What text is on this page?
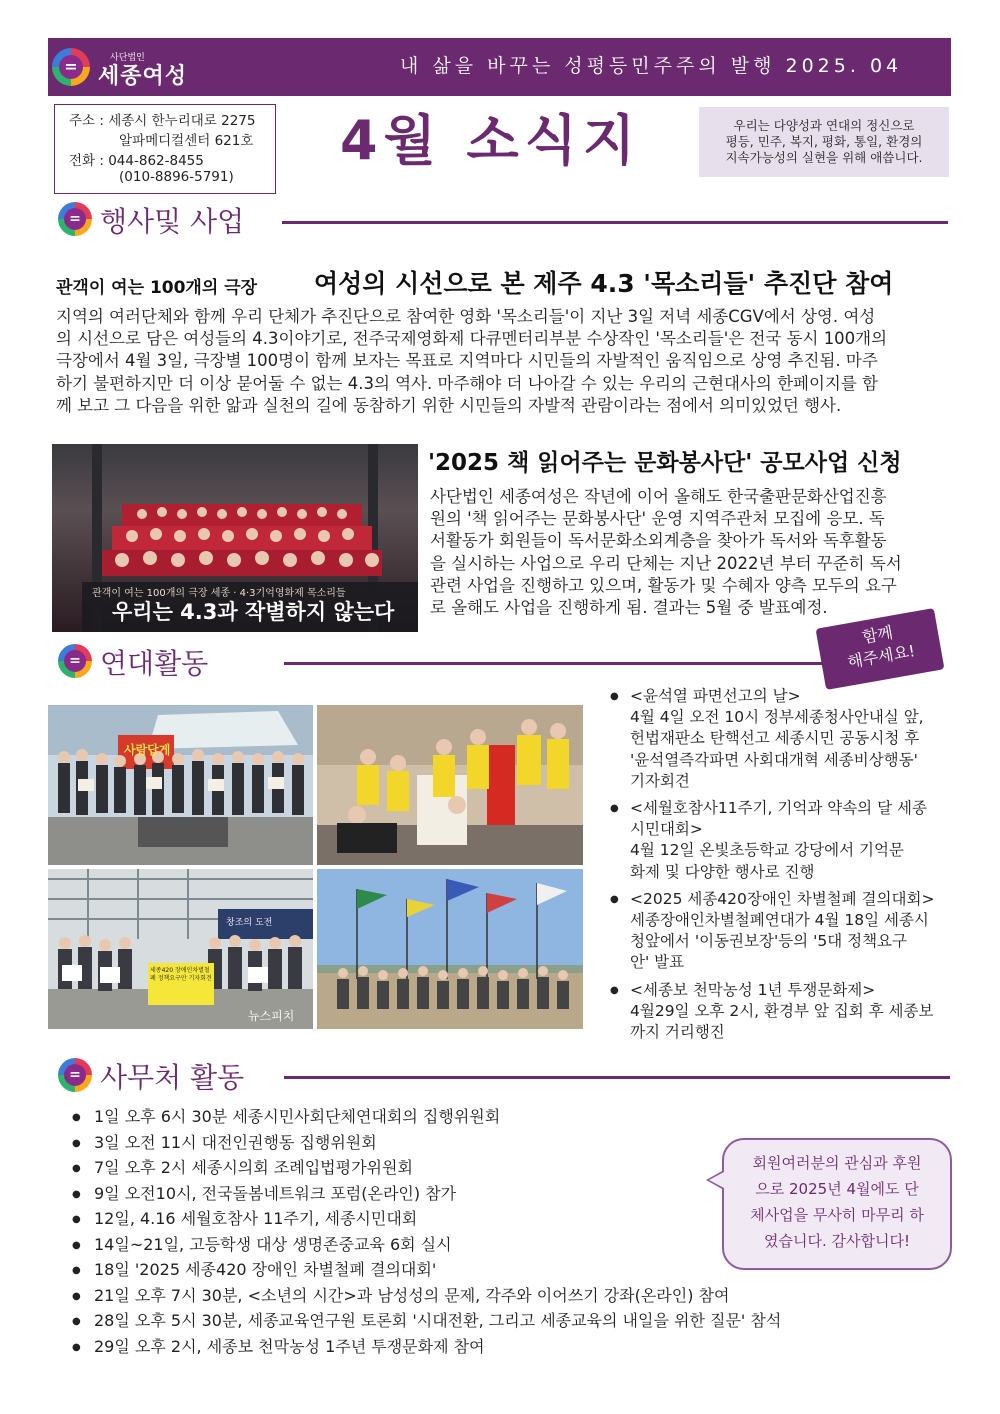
=	사단법인
세종여성	내 삶을 바꾸는 성평등민주주의 발행 2025. 04
주소 : 세종시 한누리대로 2275
알파메디컬센터 621호
전화 : 044-862-8455
(010-8896-5791)
4월 소식지	우리는 다양성과 연대의 정신으로
평등, 민주, 복지, 평화, 통일, 환경의
지속가능성의 실현을 위해 애씁니다.
= 행사및 사업
관객이 여는 100개의 극장 여성의 시선으로 본 제주 4.3 '목소리들' 추진단 참여
지역의 여러단체와 함께 우리 단체가 추진단으로 참여한 영화 '목소리들'이 지난 3일 저녁 세종CGV에서 상영. 여성
의 시선으로 담은 여성들의 4.3이야기로, 전주국제영화제 다큐멘터리부분 수상작인 '목소리들'은 전국 동시 100개의
극장에서 4월 3일, 극장별 100명이 함께 보자는 목표로 지역마다 시민들의 자발적인 움직임으로 상영 추진됨. 마주
하기 불편하지만 더 이상 묻어둘 수 없는 4.3의 역사. 마주해야 더 나아갈 수 있는 우리의 근현대사의 한페이지를 함
께 보고 그 다음을 위한 앎과 실천의 길에 동참하기 위한 시민들의 자발적 관람이라는 점에서 의미있었던 행사.
관객이 여는 100개의 극장 세종 · 4·3기억영화제 목소리들
우리는 4.3과 작별하지 않는다
'2025 책 읽어주는 문화봉사단' 공모사업 신청
사단법인 세종여성은 작년에 이어 올해도 한국출판문화산업진흥
원의 '책 읽어주는 문화봉사단' 운영 지역주관처 모집에 응모. 독
서활동가 회원들이 독서문화소외계층을 찾아가 독서와 독후활동
을 실시하는 사업으로 우리 단체는 지난 2022년 부터 꾸준히 독서
관련 사업을 진행하고 있으며, 활동가 및 수혜자 양측 모두의 요구
로 올해도 사업을 진행하게 됨. 결과는 5월 중 발표예정.
= 연대활동
함께
해주세요!
사람답게
창조의 도전
세종420 장애인차별철폐 정책요구안 기자회견
뉴스피치
● <윤석열 파면선고의 날>
4월 4일 오전 10시 정부세종청사안내실 앞,
헌법재판소 탄핵선고 세종시민 공동시청 후
'윤석열즉각파면 사회대개혁 세종비상행동'
기자회견
● <세월호참사11주기, 기억과 약속의 달 세종
시민대회>
4월 12일 온빛초등학교 강당에서 기억문
화제 및 다양한 행사로 진행
● <2025 세종420장애인 차별철폐 결의대회>
세종장애인차별철폐연대가 4월 18일 세종시
청앞에서 '이동권보장'등의 '5대 정책요구
안' 발표
● <세종보 천막농성 1년 투쟁문화제>
4월29일 오후 2시, 환경부 앞 집회 후 세종보
까지 거리행진
= 사무처 활동
● 1일 오후 6시 30분 세종시민사회단체연대회의 집행위원회
● 3일 오전 11시 대전인권행동 집행위원회
● 7일 오후 2시 세종시의회 조례입법평가위원회
● 9일 오전10시, 전국돌봄네트워크 포럼(온라인) 참가
● 12일, 4.16 세월호참사 11주기, 세종시민대회
● 14일~21일, 고등학생 대상 생명존중교육 6회 실시
● 18일 '2025 세종420 장애인 차별철폐 결의대회'
● 21일 오후 7시 30분, <소년의 시간>과 남성성의 문제, 각주와 이어쓰기 강좌(온라인) 참여
● 28일 오후 5시 30분, 세종교육연구원 토론회 '시대전환, 그리고 세종교육의 내일을 위한 질문' 참석
● 29일 오후 2시, 세종보 천막농성 1주년 투쟁문화제 참여
회원여러분의 관심과 후원
으로 2025년 4월에도 단
체사업을 무사히 마무리 하
였습니다. 감사합니다!
